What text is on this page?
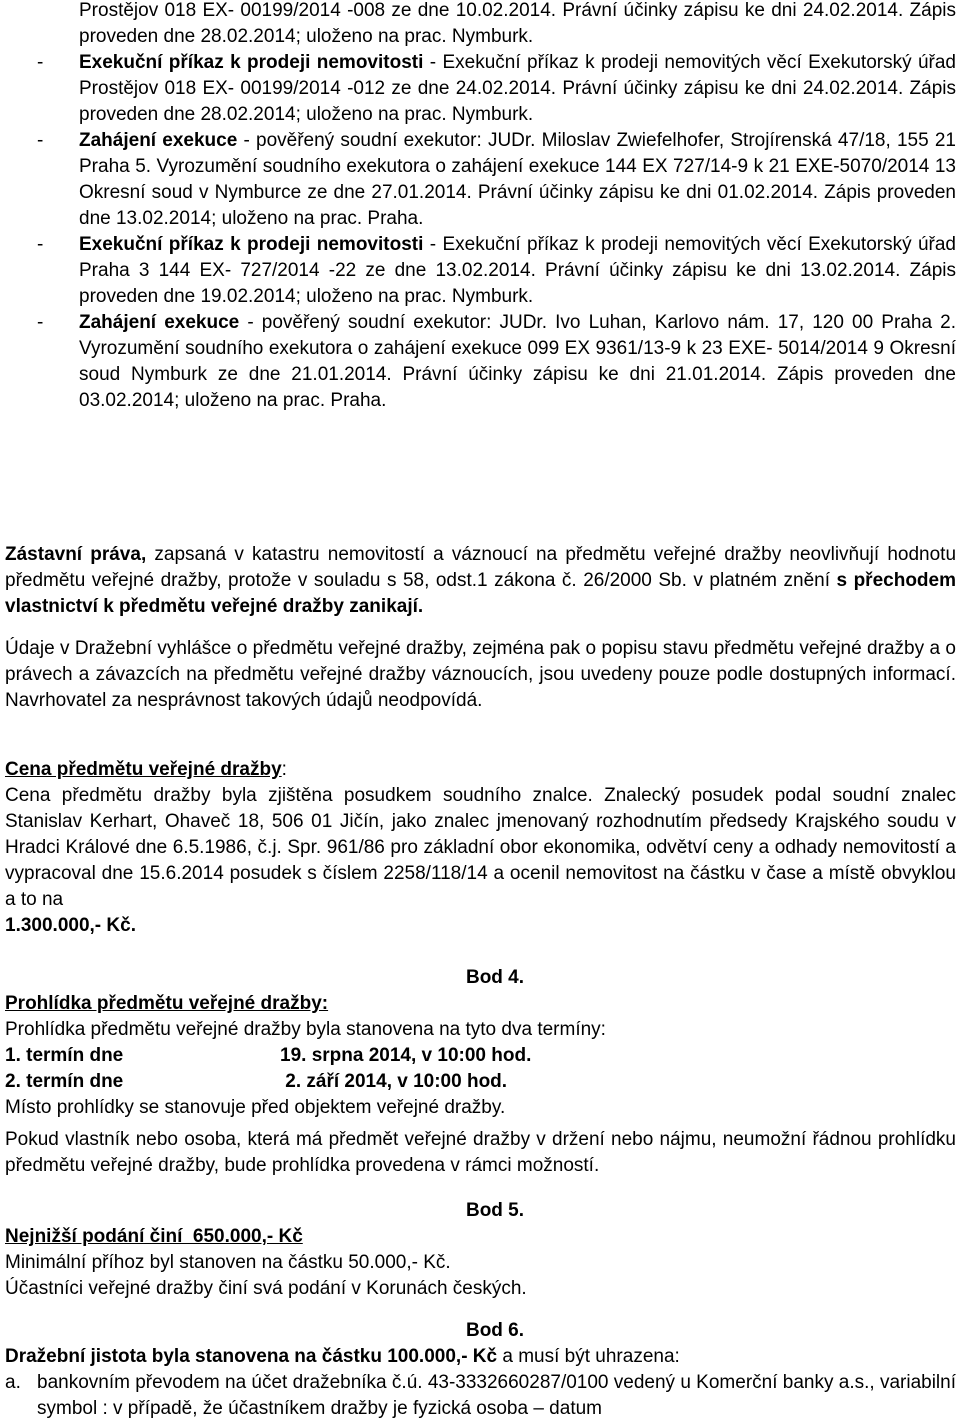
Prostějov 018 EX- 00199/2014 -008 ze dne 10.02.2014. Právní účinky zápisu ke dni 24.02.2014. Zápis proveden dne 28.02.2014; uloženo na prac. Nymburk.
- Exekuční příkaz k prodeji nemovitosti - Exekuční příkaz k prodeji nemovitých věcí Exekutorský úřad Prostějov 018 EX- 00199/2014 -012 ze dne 24.02.2014. Právní účinky zápisu ke dni 24.02.2014. Zápis proveden dne 28.02.2014; uloženo na prac. Nymburk.
- Zahájení exekuce - pověřený soudní exekutor: JUDr. Miloslav Zwiefelhofer, Strojírenská 47/18, 155 21 Praha 5. Vyrozumění soudního exekutora o zahájení exekuce 144 EX 727/14-9 k 21 EXE-5070/2014 13 Okresní soud v Nymburce ze dne 27.01.2014. Právní účinky zápisu ke dni 01.02.2014. Zápis proveden dne 13.02.2014; uloženo na prac. Praha.
- Exekuční příkaz k prodeji nemovitosti - Exekuční příkaz k prodeji nemovitých věcí Exekutorský úřad Praha 3 144 EX- 727/2014 -22 ze dne 13.02.2014. Právní účinky zápisu ke dni 13.02.2014. Zápis proveden dne 19.02.2014; uloženo na prac. Nymburk.
- Zahájení exekuce - pověřený soudní exekutor: JUDr. Ivo Luhan, Karlovo nám. 17, 120 00 Praha 2. Vyrozumění soudního exekutora o zahájení exekuce 099 EX 9361/13-9 k 23 EXE- 5014/2014 9 Okresní soud Nymburk ze dne 21.01.2014. Právní účinky zápisu ke dni 21.01.2014. Zápis proveden dne 03.02.2014; uloženo na prac. Praha.

Zástavní práva, zapsaná v katastru nemovitostí a váznoucí na předmětu veřejné dražby neovlivňují hodnotu předmětu veřejné dražby, protože v souladu s 58, odst.1 zákona č. 26/2000 Sb. v platném znění s přechodem vlastnictví k předmětu veřejné dražby zanikají.

Údaje v Dražební vyhlášce o předmětu veřejné dražby, zejména pak o popisu stavu předmětu veřejné dražby a o právech a závazcích na předmětu veřejné dražby váznoucích, jsou uvedeny pouze podle dostupných informací. Navrhovatel za nesprávnost takových údajů neodpovídá.

Cena předmětu veřejné dražby:

Cena předmětu dražby byla zjištěna posudkem soudního znalce. Znalecký posudek podal soudní znalec Stanislav Kerhart, Ohaveč 18, 506 01 Jičín, jako znalec jmenovaný rozhodnutím předsedy Krajského soudu v Hradci Králové dne 6.5.1986, č.j. Spr. 961/86 pro základní obor ekonomika, odvětví ceny a odhady nemovitostí a vypracoval dne 15.6.2014 posudek s číslem 2258/118/14 a ocenil nemovitost na částku v čase a místě obvyklou a to na
1.300.000,- Kč.

Bod 4.

Prohlídka předmětu veřejné dražby:

Prohlídka předmětu veřejné dražby byla stanovena na tyto dva termíny:

1. termín dne	19. srpna 2014, v 10:00 hod.
2. termín dne	2. září 2014, v 10:00 hod.

Místo prohlídky se stanovuje před objektem veřejné dražby.

Pokud vlastník nebo osoba, která má předmět veřejné dražby v držení nebo nájmu, neumožní řádnou prohlídku předmětu veřejné dražby, bude prohlídka provedena v rámci možností.

Bod 5.

Nejnižší podání činí  650.000,- Kč

Minimální příhoz byl stanoven na částku 50.000,- Kč.

Účastníci veřejné dražby činí svá podání v Korunách českých.

Bod 6.

Dražební jistota byla stanovena na částku 100.000,- Kč a musí být uhrazena:

a. bankovním převodem na účet dražebníka č.ú. 43-3332660287/0100 vedený u Komerční banky a.s., variabilní symbol : v případě, že účastníkem dražby je fyzická osoba – datum
